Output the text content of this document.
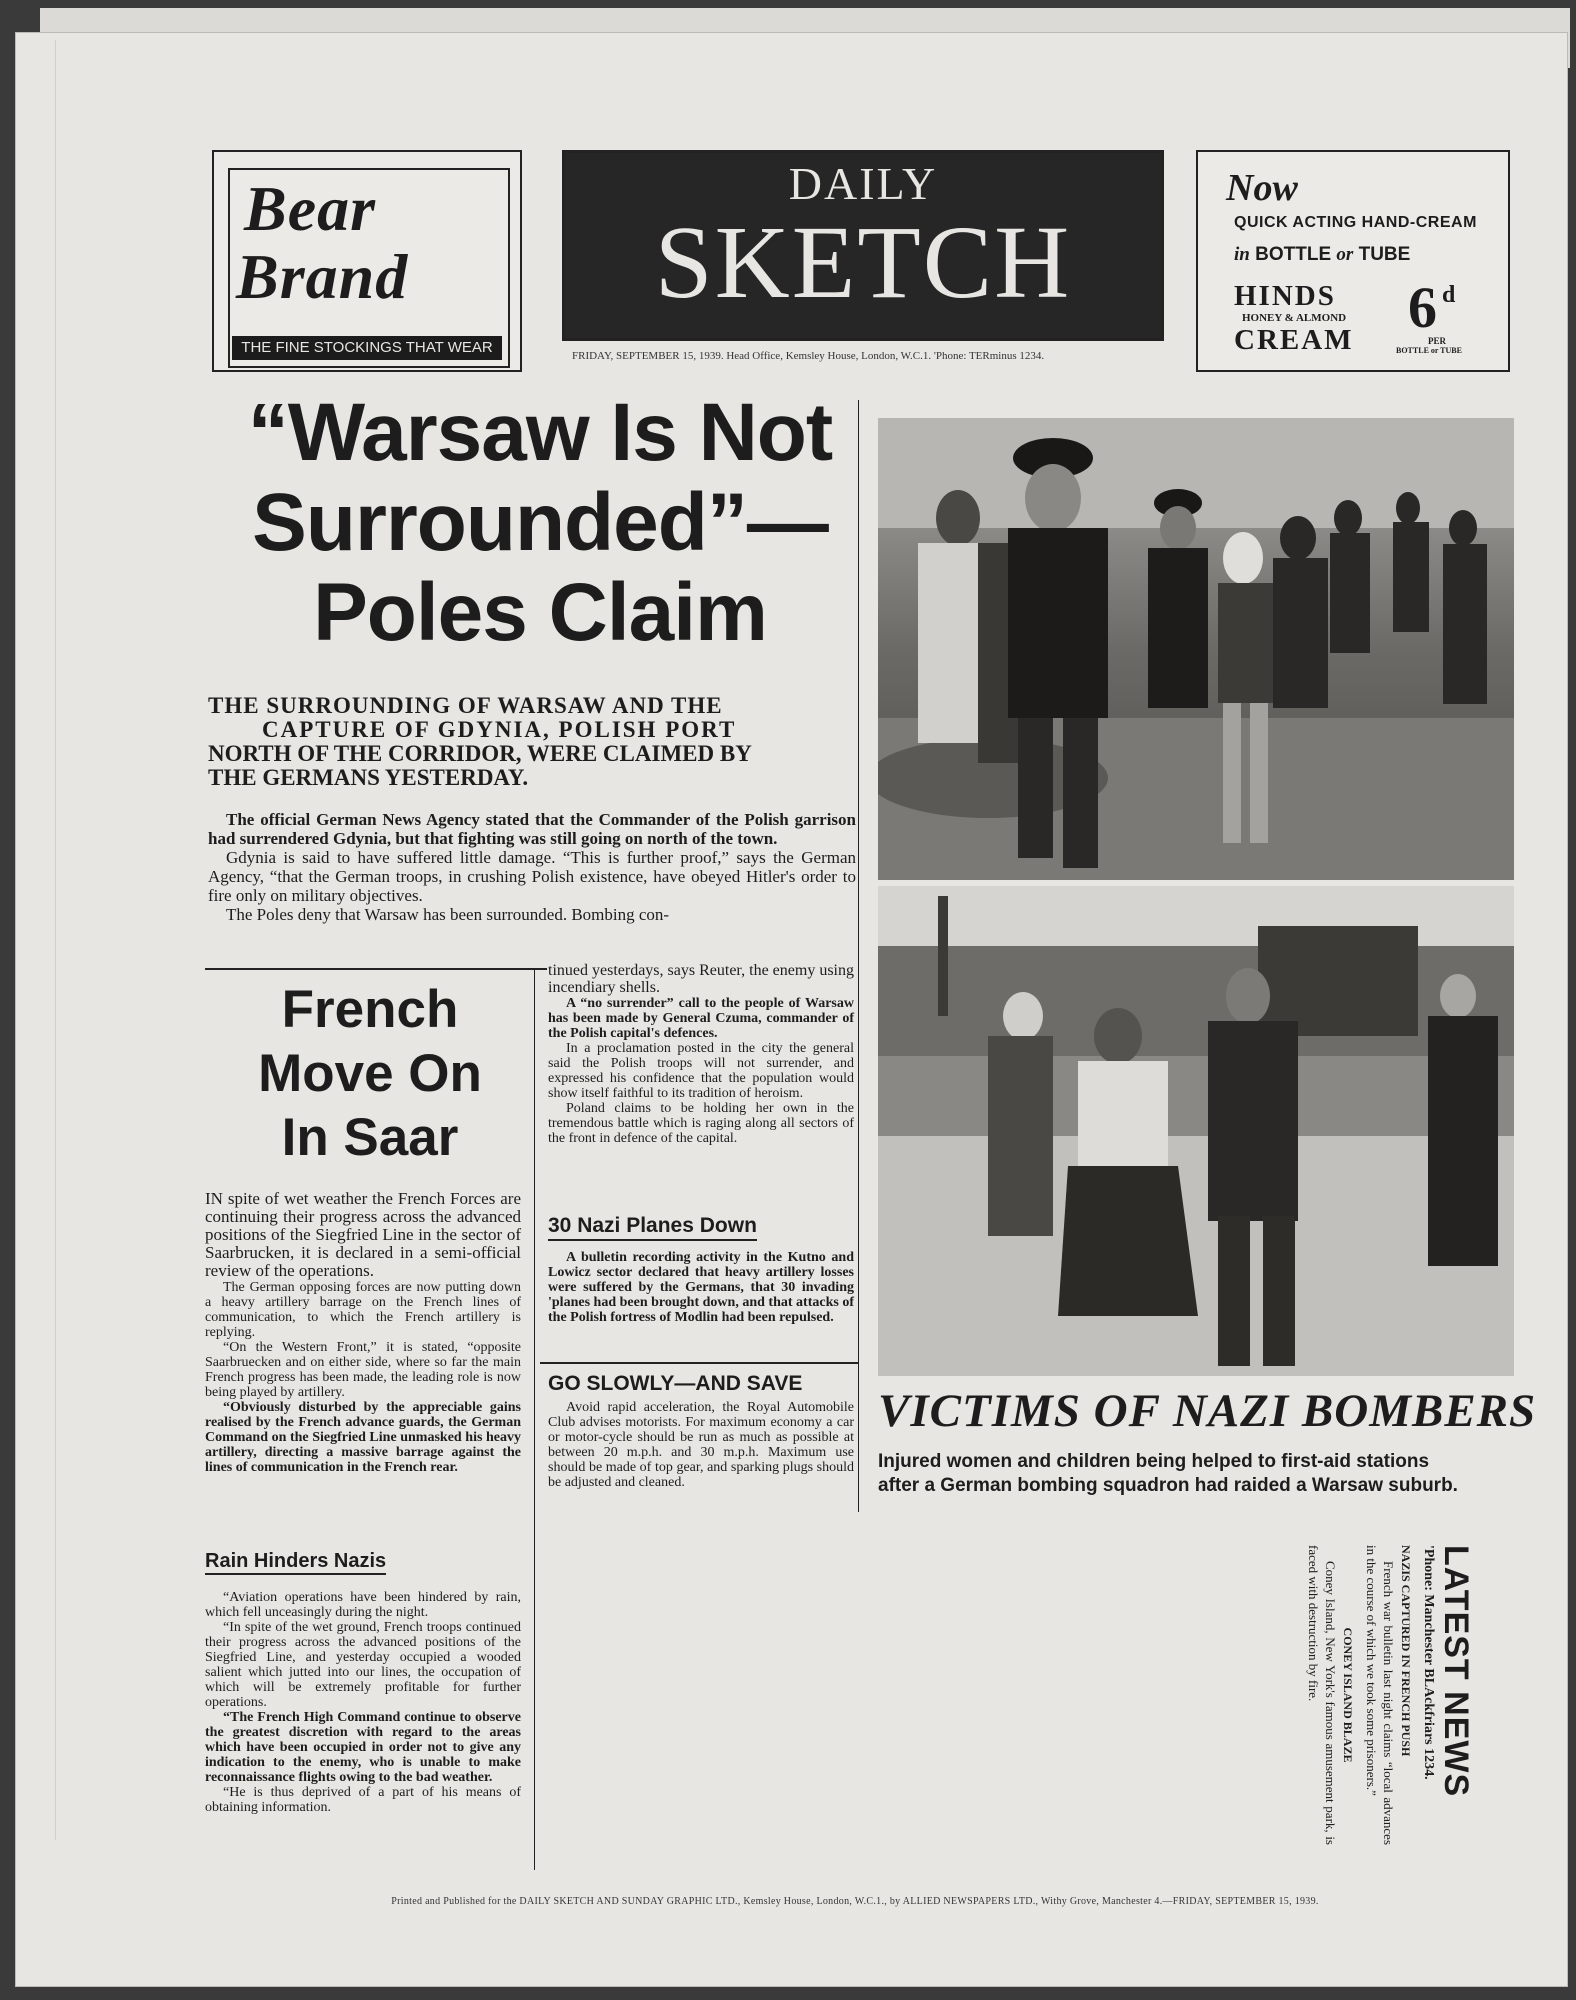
Bear
Brand
THE FINE STOCKINGS THAT WEAR
DAILY
SKETCH
FRIDAY, SEPTEMBER 15, 1939. Head Office, Kemsley House, London, W.C.1. 'Phone: TERminus 1234.
Now
QUICK ACTING HAND-CREAM
in BOTTLE or TUBE
HINDS
HONEY & ALMOND
CREAM 6 d
PER
BOTTLE or TUBE
“Warsaw Is Not
Surrounded”—
Poles Claim
THE SURROUNDING OF WARSAW AND THE
CAPTURE OF GDYNIA, POLISH PORT
NORTH OF THE CORRIDOR, WERE CLAIMED BY
THE GERMANS YESTERDAY.

The official German News Agency stated that the Commander of the Polish garrison had surrendered Gdynia, but that fighting was still going on north of the town.

Gdynia is said to have suffered little damage. “This is further proof,” says the German Agency, “that the German troops, in crushing Polish existence, have obeyed Hitler's order to fire only on military objectives.

The Poles deny that Warsaw has been surrounded. Bombing con-

tinued yesterdays, says Reuter, the enemy using incendiary shells.

A “no surrender” call to the people of Warsaw has been made by General Czuma, commander of the Polish capital's defences.

In a proclamation posted in the city the general said the Polish troops will not surrender, and expressed his confidence that the population would show itself faithful to its tradition of heroism.

Poland claims to be holding her own in the tremendous battle which is raging along all sectors of the front in defence of the capital.

30 Nazi Planes Down

A bulletin recording activity in the Kutno and Lowicz sector declared that heavy artillery losses were suffered by the Germans, that 30 invading 'planes had been brought down, and that attacks of the Polish fortress of Modlin had been repulsed.

GO SLOWLY—AND SAVE

Avoid rapid acceleration, the Royal Automobile Club advises motorists. For maximum economy a car or motor-cycle should be run as much as possible at between 20 m.p.h. and 30 m.p.h. Maximum use should be made of top gear, and sparking plugs should be adjusted and cleaned.

French
Move On
In Saar

IN spite of wet weather the French Forces are continuing their progress across the advanced positions of the Siegfried Line in the sector of Saarbrucken, it is declared in a semi-official review of the operations.

The German opposing forces are now putting down a heavy artillery barrage on the French lines of communication, to which the French artillery is replying.

“On the Western Front,” it is stated, “opposite Saarbruecken and on either side, where so far the main French progress has been made, the leading role is now being played by artillery.

“Obviously disturbed by the appreciable gains realised by the French advance guards, the German Command on the Siegfried Line unmasked his heavy artillery, directing a massive barrage against the lines of communication in the French rear.

Rain Hinders Nazis

“Aviation operations have been hindered by rain, which fell unceasingly during the night.

“In spite of the wet ground, French troops continued their progress across the advanced positions of the Siegfried Line, and yesterday occupied a wooded salient which jutted into our lines, the occupation of which will be extremely profitable for further operations.

“The French High Command continue to observe the greatest discretion with regard to the areas which have been occupied in order not to give any indication to the enemy, who is unable to make reconnaissance flights owing to the bad weather.

“He is thus deprived of a part of his means of obtaining information.

VICTIMS OF NAZI BOMBERS
Injured women and children being helped to first-aid stations
after a German bombing squadron had raided a Warsaw suburb.
LATEST NEWS
'Phone: Manchester BLAckfriars 1234.
NAZIS CAPTURED IN FRENCH PUSH
French war bulletin last night claims “local advances in the course of which we took some prisoners.”
CONEY ISLAND BLAZE
Coney Island, New York's famous amusement park, is faced with destruction by fire.
Printed and Published for the DAILY SKETCH AND SUNDAY GRAPHIC LTD., Kemsley House, London, W.C.1., by ALLIED NEWSPAPERS LTD., Withy Grove, Manchester 4.—FRIDAY, SEPTEMBER 15, 1939.
